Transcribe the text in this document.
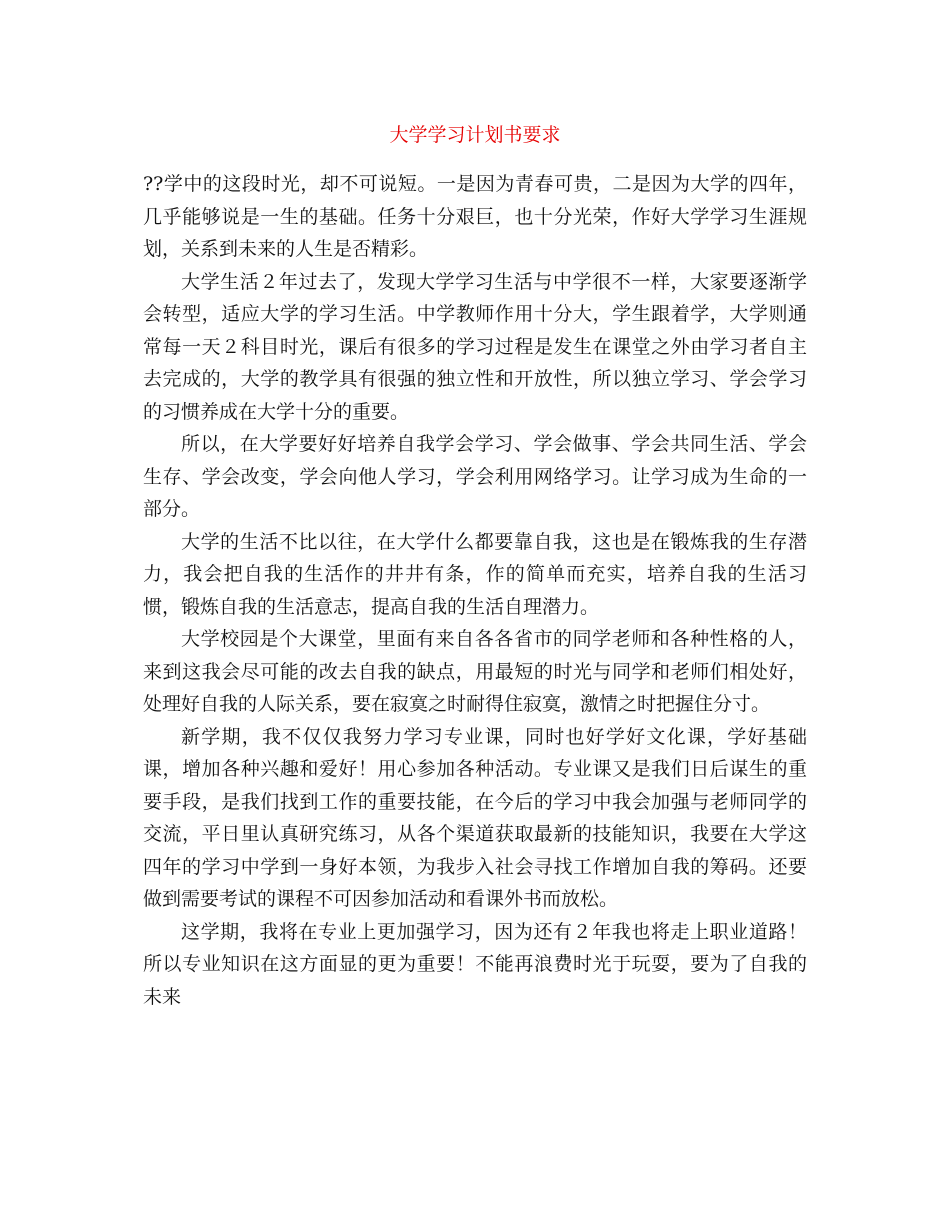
大学学习计划书要求

??学中的这段时光，却不可说短。一是因为青春可贵，二是因为大学的四年，几乎能够说是一生的基础。任务十分艰巨，也十分光荣，作好大学学习生涯规划，关系到未来的人生是否精彩。

大学生活２年过去了，发现大学学习生活与中学很不一样，大家要逐渐学会转型，适应大学的学习生活。中学教师作用十分大，学生跟着学，大学则通常每一天２科目时光，课后有很多的学习过程是发生在课堂之外由学习者自主去完成的，大学的教学具有很强的独立性和开放性，所以独立学习、学会学习的习惯养成在大学十分的重要。

所以，在大学要好好培养自我学会学习、学会做事、学会共同生活、学会生存、学会改变，学会向他人学习，学会利用网络学习。让学习成为生命的一部分。

大学的生活不比以往，在大学什么都要靠自我，这也是在锻炼我的生存潜力，我会把自我的生活作的井井有条，作的简单而充实，培养自我的生活习惯，锻炼自我的生活意志，提高自我的生活自理潜力。

大学校园是个大课堂，里面有来自各各省市的同学老师和各种性格的人，来到这我会尽可能的改去自我的缺点，用最短的时光与同学和老师们相处好，处理好自我的人际关系，要在寂寞之时耐得住寂寞，激情之时把握住分寸。

新学期，我不仅仅我努力学习专业课，同时也好学好文化课，学好基础课，增加各种兴趣和爱好！用心参加各种活动。专业课又是我们日后谋生的重要手段，是我们找到工作的重要技能，在今后的学习中我会加强与老师同学的交流，平日里认真研究练习，从各个渠道获取最新的技能知识，我要在大学这四年的学习中学到一身好本领，为我步入社会寻找工作增加自我的筹码。还要做到需要考试的课程不可因参加活动和看课外书而放松。

这学期，我将在专业上更加强学习，因为还有２年我也将走上职业道路！所以专业知识在这方面显的更为重要！不能再浪费时光于玩耍，要为了自我的未来
